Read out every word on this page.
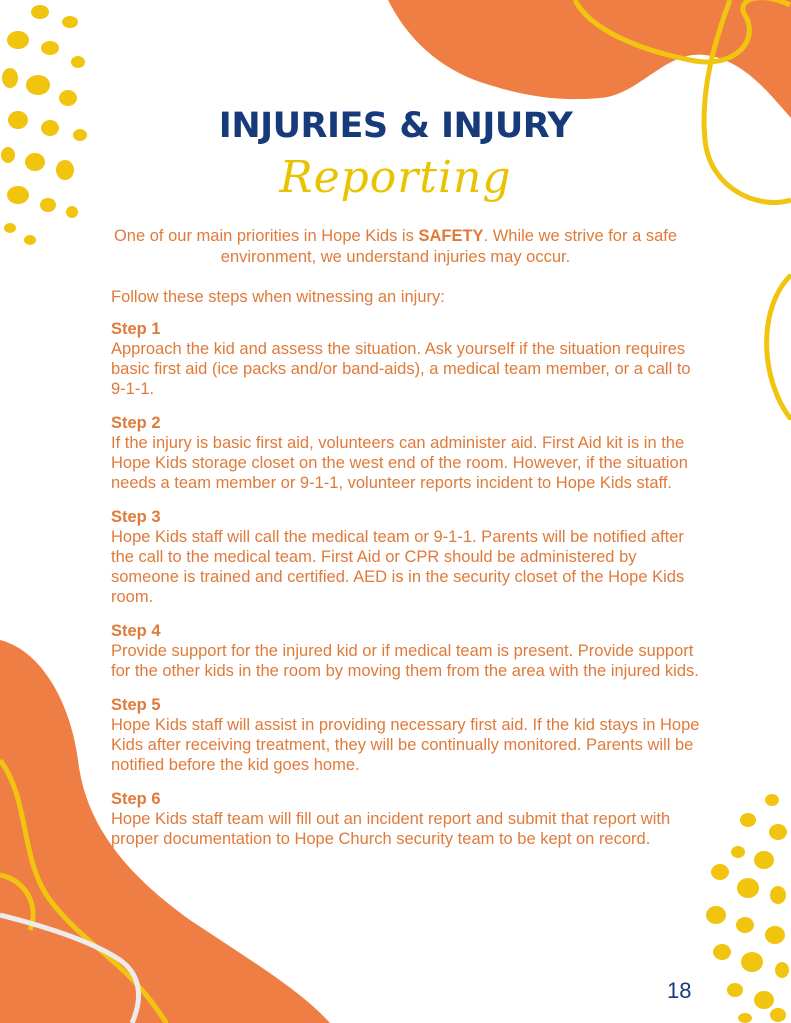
INJURIES & INJURY
Reporting

One of our main priorities in Hope Kids is SAFETY. While we strive for a safe environment, we understand injuries may occur.

Follow these steps when witnessing an injury:

Step 1
Approach the kid and assess the situation. Ask yourself if the situation requires basic first aid (ice packs and/or band-aids), a medical team member, or a call to 9-1-1.
Step 2
If the injury is basic first aid, volunteers can administer aid. First Aid kit is in the Hope Kids storage closet on the west end of the room. However, if the situation needs a team member or 9-1-1, volunteer reports incident to Hope Kids staff.
Step 3
Hope Kids staff will call the medical team or 9-1-1. Parents will be notified after the call to the medical team. First Aid or CPR should be administered by someone is trained and certified. AED is in the security closet of the Hope Kids room.
Step 4
Provide support for the injured kid or if medical team is present. Provide support for the other kids in the room by moving them from the area with the injured kids.
Step 5
Hope Kids staff will assist in providing necessary first aid. If the kid stays in Hope Kids after receiving treatment, they will be continually monitored. Parents will be notified before the kid goes home.
Step 6
Hope Kids staff team will fill out an incident report and submit that report with proper documentation to Hope Church security team to be kept on record.
18
